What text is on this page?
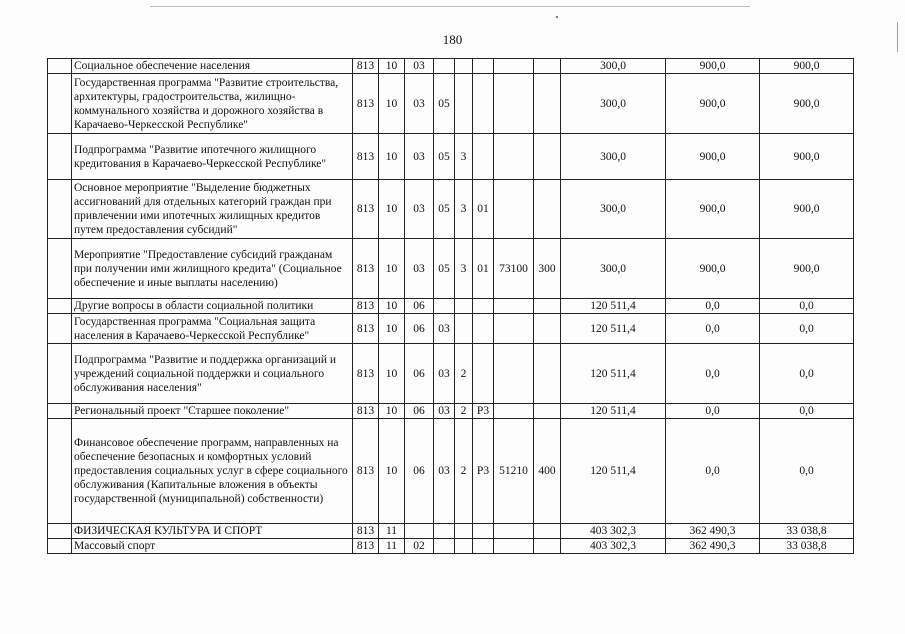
180
	Социальное обеспечение населения	813	10	03						300,0	900,0	900,0
	Государственная программа "Развитие строительства, архитектуры, градостроительства, жилищно-коммунального хозяйства и дорожного хозяйства в Карачаево-Черкесской Республике"	813	10	03	05					300,0	900,0	900,0
	Подпрограмма "Развитие ипотечного жилищного кредитования в Карачаево-Черкесской Республике"	813	10	03	05	3				300,0	900,0	900,0
	Основное мероприятие "Выделение бюджетных ассигнований для отдельных категорий граждан при привлечении ими ипотечных жилищных кредитов путем предоставления субсидий"	813	10	03	05	3	01			300,0	900,0	900,0
	Мероприятие "Предоставление субсидий гражданам при получении ими жилищного кредита" (Социальное обеспечение и иные выплаты населению)	813	10	03	05	3	01	73100	300	300,0	900,0	900,0
	Другие вопросы в области социальной политики	813	10	06						120 511,4	0,0	0,0
	Государственная программа "Социальная защита населения в Карачаево-Черкесской Республике"	813	10	06	03					120 511,4	0,0	0,0
	Подпрограмма "Развитие и поддержка организаций и учреждений социальной поддержки и социального обслуживания населения"	813	10	06	03	2				120 511,4	0,0	0,0
	Региональный проект "Старшее поколение"	813	10	06	03	2	P3			120 511,4	0,0	0,0
	Финансовое обеспечение программ, направленных на обеспечение безопасных и комфортных условий предоставления социальных услуг в сфере социального обслуживания (Капитальные вложения в объекты государственной (муниципальной) собственности)	813	10	06	03	2	P3	51210	400	120 511,4	0,0	0,0
	ФИЗИЧЕСКАЯ КУЛЬТУРА И СПОРТ	813	11							403 302,3	362 490,3	33 038,8
	Массовый спорт	813	11	02						403 302,3	362 490,3	33 038,8
